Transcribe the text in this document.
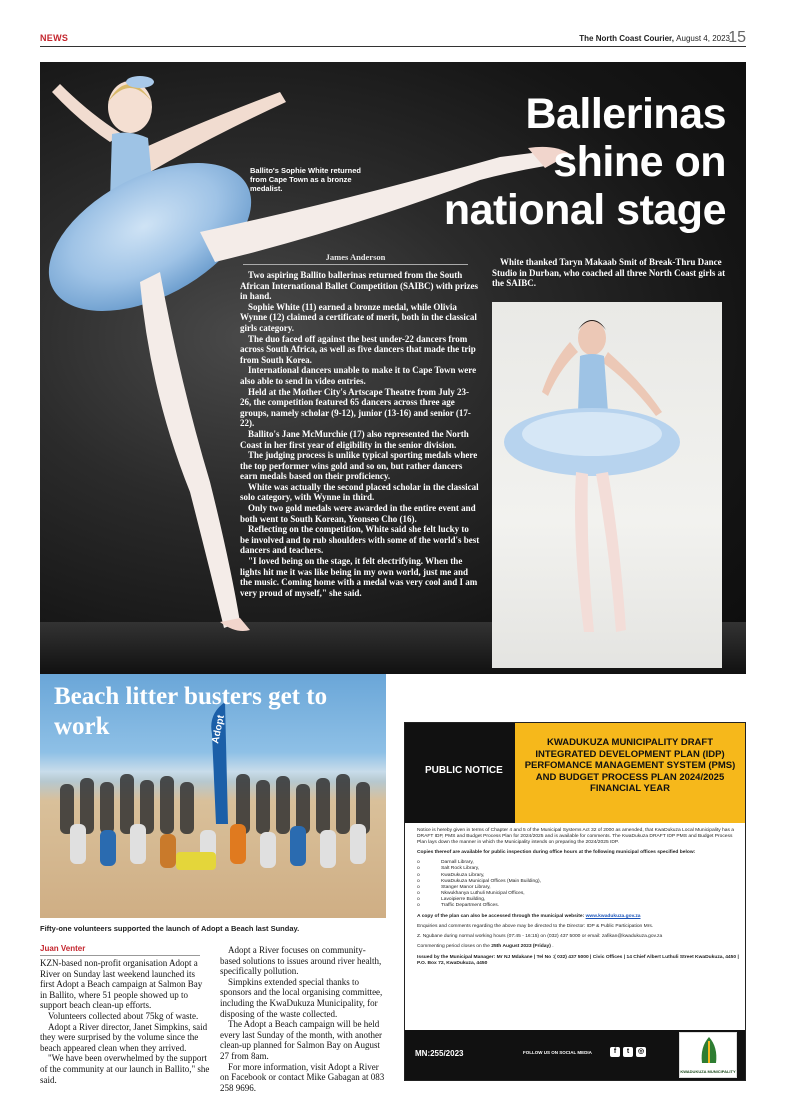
NEWS	The North Coast Courier, August 4, 2023
15
Ballerinas
shine on
national stage
Ballito's Sophie White returned from Cape Town as a bronze medalist.
James Anderson

Two aspiring Ballito ballerinas returned from the South African International Ballet Competition (SAIBC) with prizes in hand.

Sophie White (11) earned a bronze medal, while Olivia Wynne (12) claimed a certificate of merit, both in the classical girls category.

The duo faced off against the best under-22 dancers from across South Africa, as well as five dancers that made the trip from South Korea.

International dancers unable to make it to Cape Town were also able to send in video entries.

Held at the Mother City's Artscape Theatre from July 23-26, the competition featured 65 dancers across three age groups, namely scholar (9-12), junior (13-16) and senior (17-22).

Ballito's Jane McMurchie (17) also represented the North Coast in her first year of eligibility in the senior division.

The judging process is unlike typical sporting medals where the top performer wins gold and so on, but rather dancers earn medals based on their proficiency.

White was actually the second placed scholar in the classical solo category, with Wynne in third.

Only two gold medals were awarded in the entire event and both went to South Korean, Yeonseo Cho (16).

Reflecting on the competition, White said she felt lucky to be involved and to rub shoulders with some of the world's best dancers and teachers.

"I loved being on the stage, it felt electrifying. When the lights hit me it was like being in my own world, just me and the music. Coming home with a medal was very cool and I am very proud of myself," she said.

White thanked Taryn Makaab Smit of Break-Thru Dance Studio in Durban, who coached all three North Coast girls at the SAIBC.
Olivia Wynne danced her way to a certificate of merit.
Adopt
Beach litter busters get to work
Fifty-one volunteers supported the launch of Adopt a Beach last Sunday.
Juan Venter

KZN-based non-profit organisation Adopt a River on Sunday last weekend launched its first Adopt a Beach campaign at Salmon Bay in Ballito, where 51 people showed up to support beach clean-up efforts.

Volunteers collected about 75kg of waste.

Adopt a River director, Janet Simpkins, said they were surprised by the volume since the beach appeared clean when they arrived.

"We have been overwhelmed by the support of the community at our launch in Ballito," she said.

Adopt a River focuses on community-based solutions to issues around river health, specifically pollution.

Simpkins extended special thanks to sponsors and the local organising committee, including the KwaDukuza Municipality, for disposing of the waste collected.

The Adopt a Beach campaign will be held every last Sunday of the month, with another clean-up planned for Salmon Bay on August 27 from 8am.

For more information, visit Adopt a River on Facebook or contact Mike Gabagan at 083 258 9696.

PUBLIC NOTICE
KWADUKUZA MUNICIPALITY DRAFT
INTEGRATED DEVELOPMENT PLAN (IDP)
PERFOMANCE MANAGEMENT SYSTEM (PMS)
AND BUDGET PROCESS PLAN 2024/2025
FINANCIAL YEAR

Notice is hereby given in terms of Chapter 4 and 5 of the Municipal Systems Act 32 of 2000 as amended, that KwaDukuza Local Municipality has a DRAFT IDP, PMS and Budget Process Plan for 2024/2025 and is available for comments. The KwaDukuza DRAFT IDP PMS and Budget Process Plan lays down the manner in which the Municipality intends on preparing the 2024/2025 IDP.

Copies thereof are available for public inspection during office hours at the following municipal offices specified below:

o Darnall Library,
o Salt Rock Library,
o KwaDukuza Library,
o KwaDukuza Municipal Offices (Main Building),
o Stanger Manor Library,
o Nkwukhanya Luthuli Municipal Offices,
o Lavoipierre Building,
o Traffic Department Offices.

A copy of the plan can also be accessed through the municipal website: www.kwadukuza.gov.za

Enquiries and comments regarding the above may be directed to the Director: IDP & Public Participation Mrs.

Z. Ngubane during normal working hours (07:45 - 16:15) on (032) 437 5000 or email: zafikan@kwadukuza.gov.za

Commenting period closes on the 25th August 2023 (Friday) .

Issued by the Municipal Manager: Mr NJ Mdakane | Tel No :( 032) 437 5000 | Civic Offices | 14 Chief Albert Luthuli Street KwaDukuza, 4450 | P.O. Box 72, KwaDukuza, 4450

MN:255/2023	FOLLOW US ON SOCIAL MEDIA	f	t	◎
KWADUKUZA MUNICIPALITY
